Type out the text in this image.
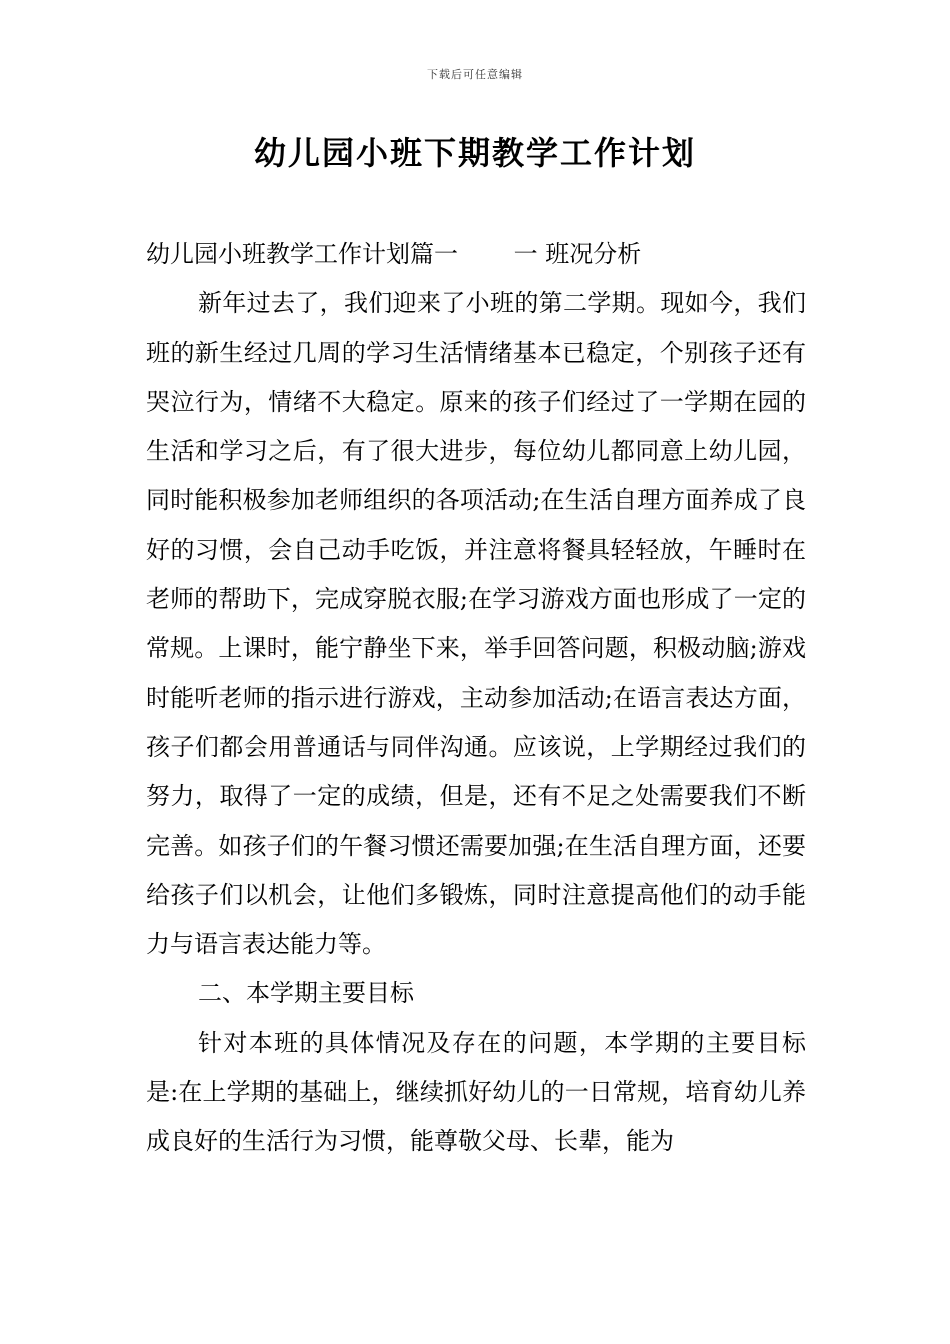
下载后可任意编辑
幼儿园小班下期教学工作计划

幼儿园小班教学工作计划篇一　　 一 班况分析

新年过去了，我们迎来了小班的第二学期。现如今，我们班的新生经过几周的学习生活情绪基本已稳定，个别孩子还有哭泣行为，情绪不大稳定。原来的孩子们经过了一学期在园的生活和学习之后，有了很大进步，每位幼儿都同意上幼儿园，同时能积极参加老师组织的各项活动;在生活自理方面养成了良好的习惯，会自己动手吃饭，并注意将餐具轻轻放，午睡时在老师的帮助下，完成穿脱衣服;在学习游戏方面也形成了一定的常规。上课时，能宁静坐下来，举手回答问题，积极动脑;游戏时能听老师的指示进行游戏，主动参加活动;在语言表达方面，孩子们都会用普通话与同伴沟通。应该说，上学期经过我们的努力，取得了一定的成绩，但是，还有不足之处需要我们不断完善。如孩子们的午餐习惯还需要加强;在生活自理方面，还要给孩子们以机会，让他们多锻炼，同时注意提高他们的动手能力与语言表达能力等。

二、本学期主要目标

针对本班的具体情况及存在的问题，本学期的主要目标是:在上学期的基础上，继续抓好幼儿的一日常规，培育幼儿养成良好的生活行为习惯，能尊敬父母、长辈，能为
